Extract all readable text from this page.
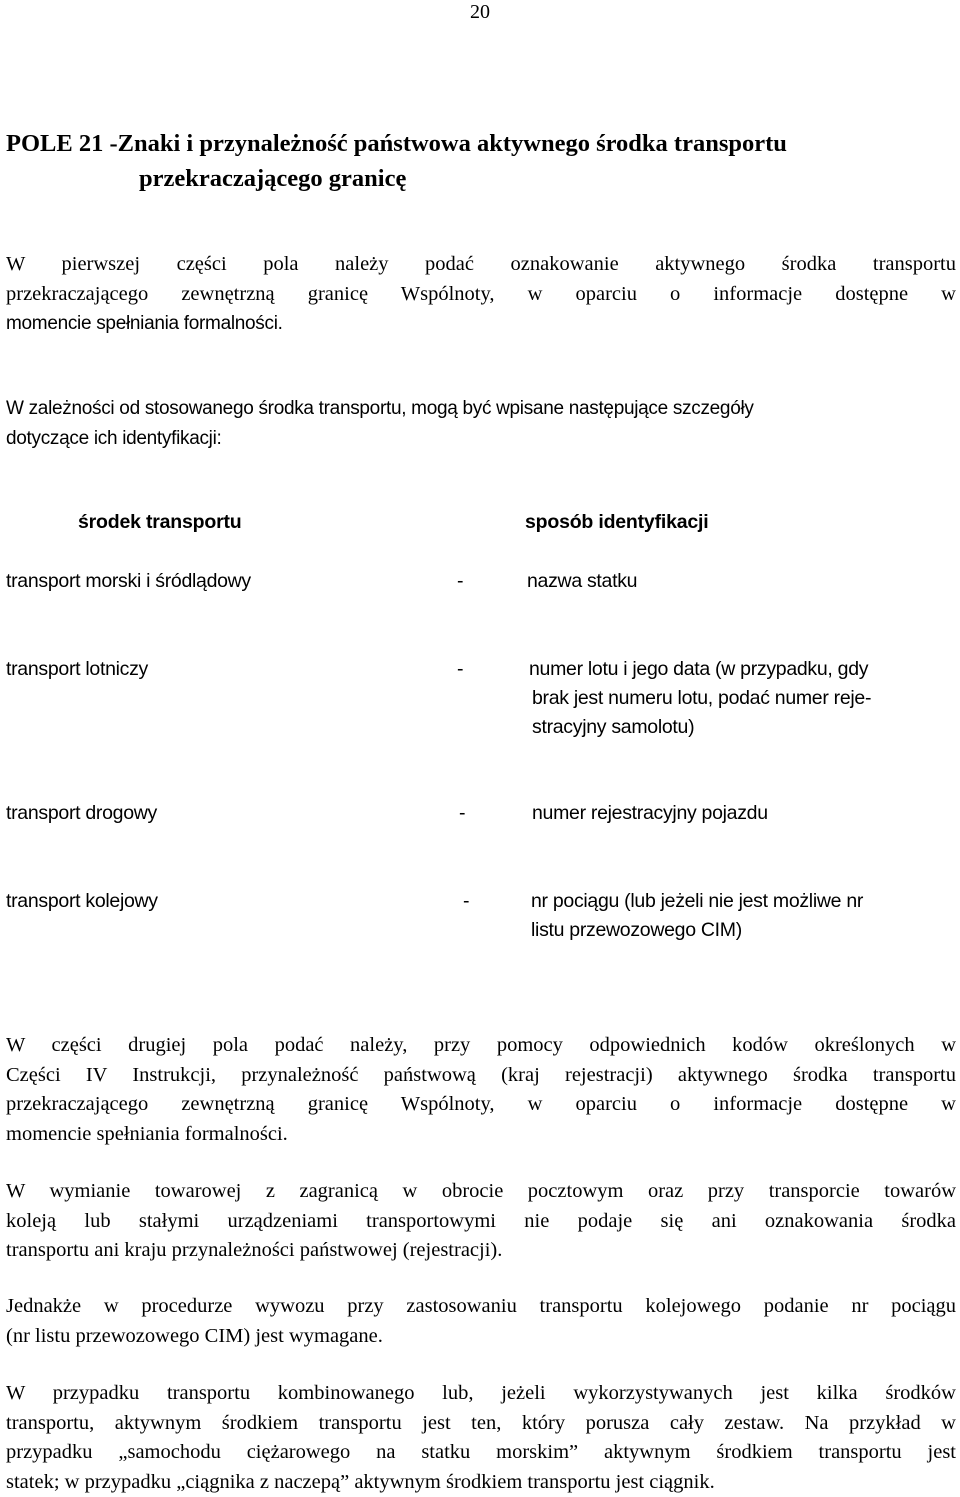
20
POLE 21 -Znaki i przynależność państwowa aktywnego środka transportu
przekraczającego granicę
W pierwszej części pola należy podać oznakowanie aktywnego środka transportu
przekraczającego zewnętrzną granicę Wspólnoty, w oparciu o informacje dostępne w
momencie spełniania formalności.
W zależności od stosowanego środka transportu, mogą być wpisane następujące szczegóły
dotyczące ich identyfikacji:
środek transportu	sposób identyfikacji
transport morski i śródlądowy	-	nazwa statku
transport lotniczy	-	numer lotu i jego data (w przypadku, gdy
brak jest numeru lotu, podać numer reje-
stracyjny samolotu)
transport drogowy	-	numer rejestracyjny pojazdu
transport kolejowy	-	nr pociągu (lub jeżeli nie jest możliwe nr
listu przewozowego CIM)
W części drugiej pola podać należy, przy pomocy odpowiednich kodów określonych w
Części IV Instrukcji, przynależność państwową (kraj rejestracji) aktywnego środka transportu
przekraczającego zewnętrzną granicę Wspólnoty, w oparciu o informacje dostępne w
momencie spełniania formalności.
W wymianie towarowej z zagranicą w obrocie pocztowym oraz przy transporcie towarów
koleją lub stałymi urządzeniami transportowymi nie podaje się ani oznakowania środka
transportu ani kraju przynależności państwowej (rejestracji).
Jednakże w procedurze wywozu przy zastosowaniu transportu kolejowego podanie nr pociągu
(nr listu przewozowego CIM) jest wymagane.
W przypadku transportu kombinowanego lub, jeżeli wykorzystywanych jest kilka środków
transportu, aktywnym środkiem transportu jest ten, który porusza cały zestaw. Na przykład w
przypadku „samochodu ciężarowego na statku morskim” aktywnym środkiem transportu jest
statek; w przypadku „ciągnika z naczepą” aktywnym środkiem transportu jest ciągnik.
